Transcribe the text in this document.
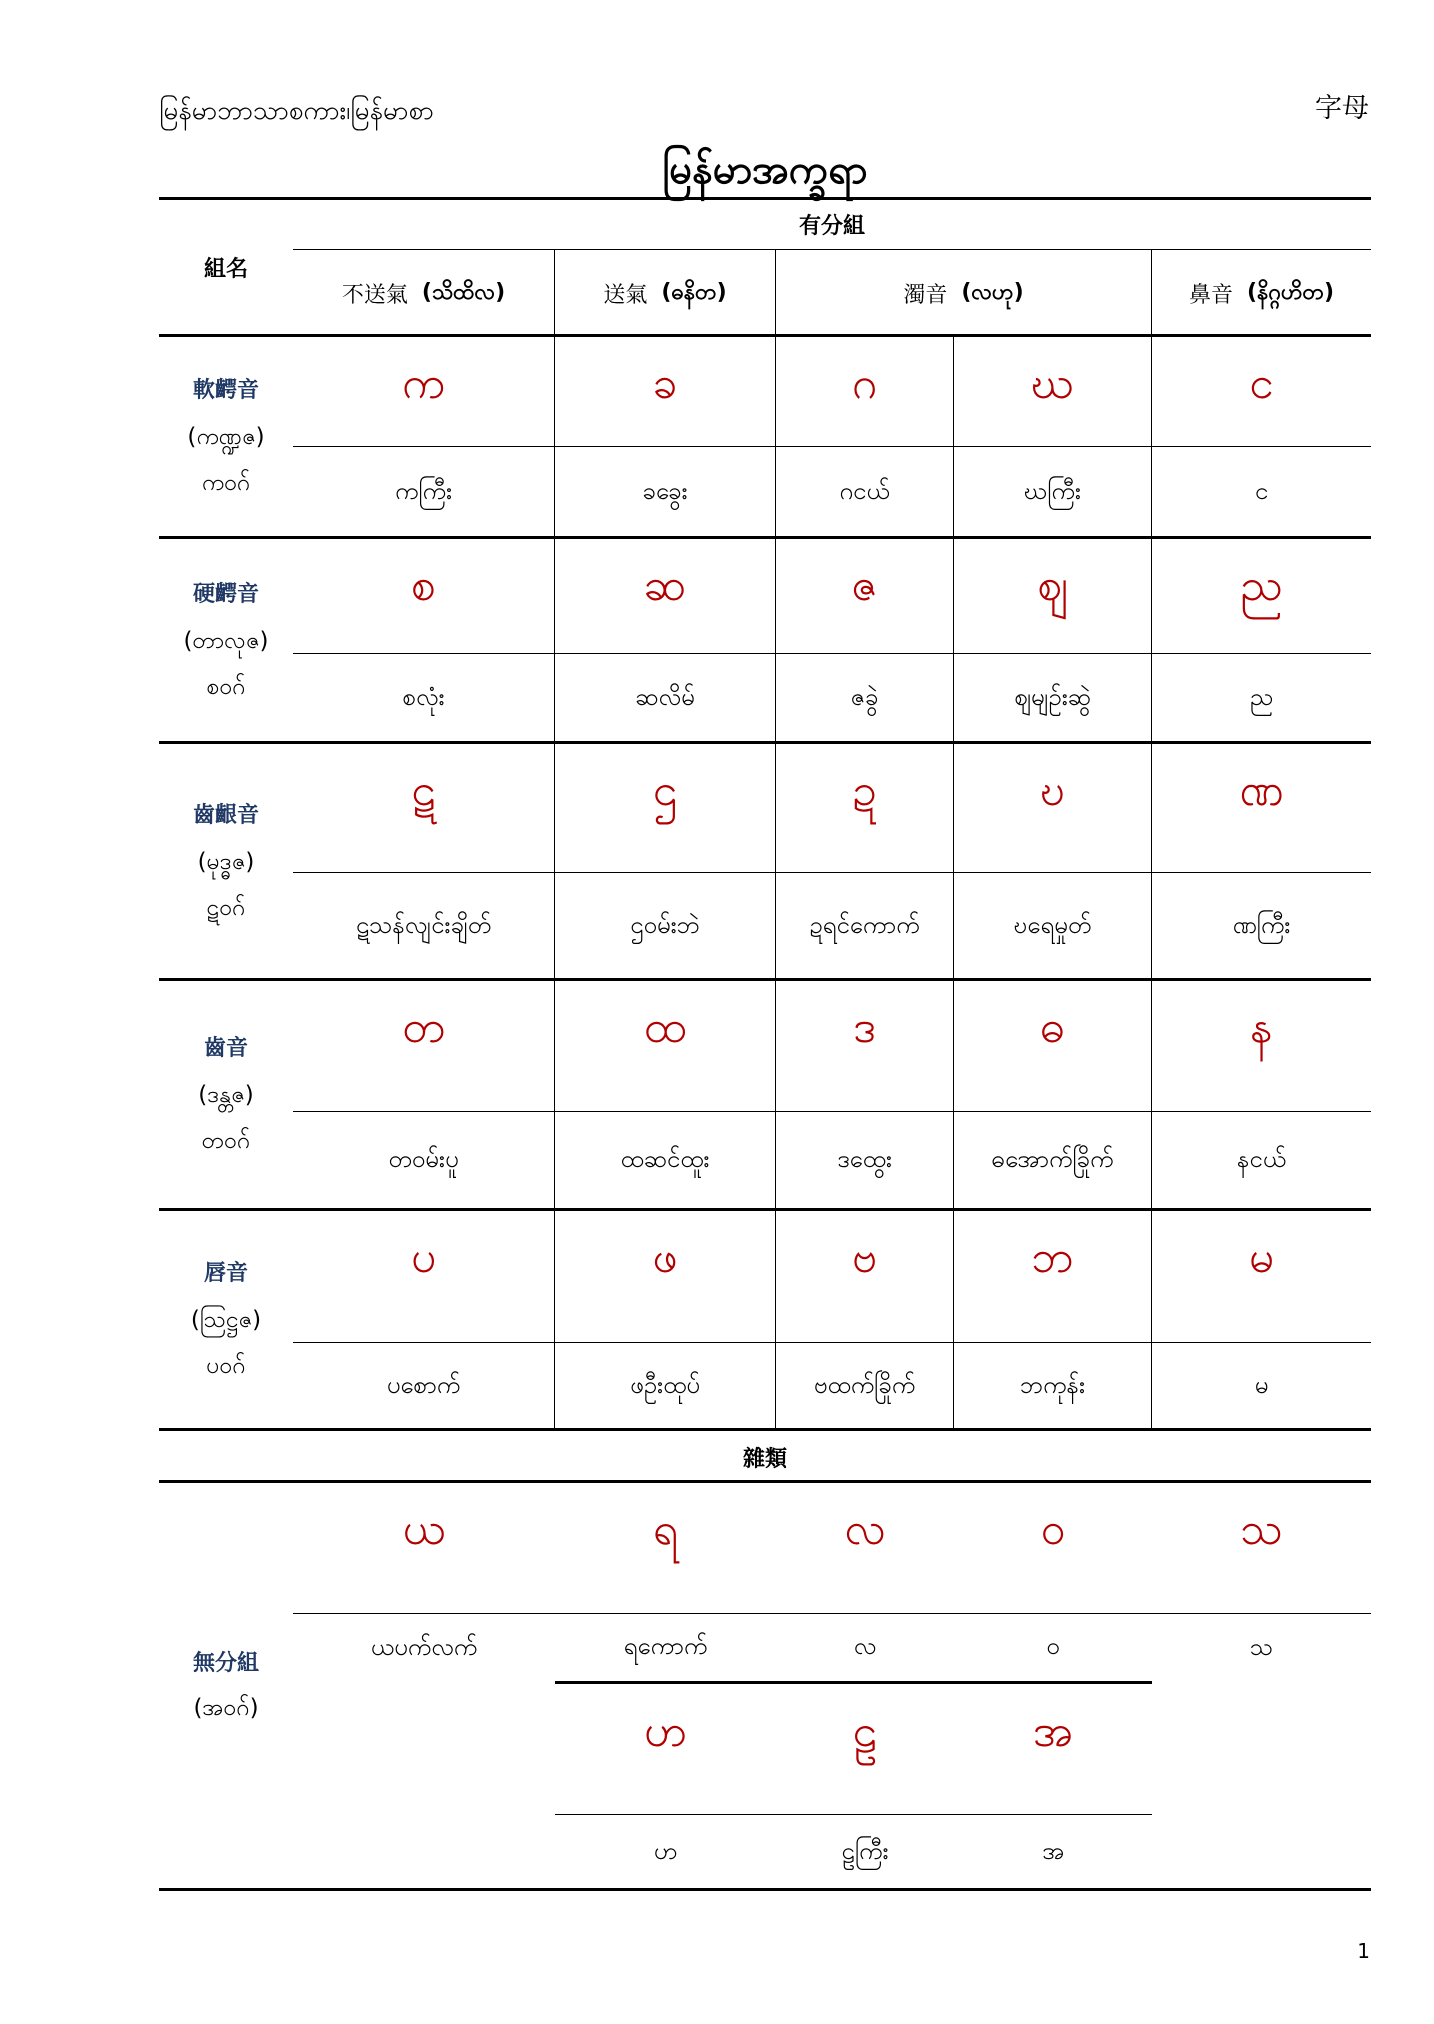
မြန်မာဘာသာစကား၊မြန်မာစာ	字母
မြန်မာအက္ခရာ
組名
有分組
不送氣 (သိထိလ)	送氣 (ဓနိတ)	濁音 (လဟု)	鼻音 (နိဂ္ဂဟိတ)
軟齶音
(ကဏ္ဍဇ)
ကဝဂ်
က	ခ	ဂ	ဃ	င
ကကြီး	ခခွေး	ဂငယ်	ဃကြီး	င
硬齶音
(တာလုဇ)
စဝဂ်
စ	ဆ	ဇ	ဈ	ည
စလုံး	ဆလိမ်	ဇခွဲ	ဈမျဉ်းဆွဲ	ည
齒齦音
(မုဒ္ဓဇ)
ဋဝဂ်
ဋ	ဌ	ဍ	ဎ	ဏ
ဋသန်လျင်းချိတ်	ဌဝမ်းဘဲ	ဍရင်ကောက်	ဎရေမှုတ်	ဏကြီး
齒音
(ဒန္တဇ)
တဝဂ်
တ	ထ	ဒ	ဓ	န
တဝမ်းပူ	ထဆင်ထူး	ဒထွေး	ဓအောက်ခြိုက်	နငယ်
唇音
(ဩဋ္ဌဇ)
ပဝဂ်
ပ	ဖ	ဗ	ဘ	မ
ပစောက်	ဖဦးထုပ်	ဗထက်ခြိုက်	ဘကုန်း	မ
雜類
無分組
(အဝဂ်)
ယ	ရ	လ	ဝ	သ
ယပက်လက်	ရကောက်	လ	ဝ	သ
ဟ	ဠ	အ
ဟ	ဠကြီး	အ
1
